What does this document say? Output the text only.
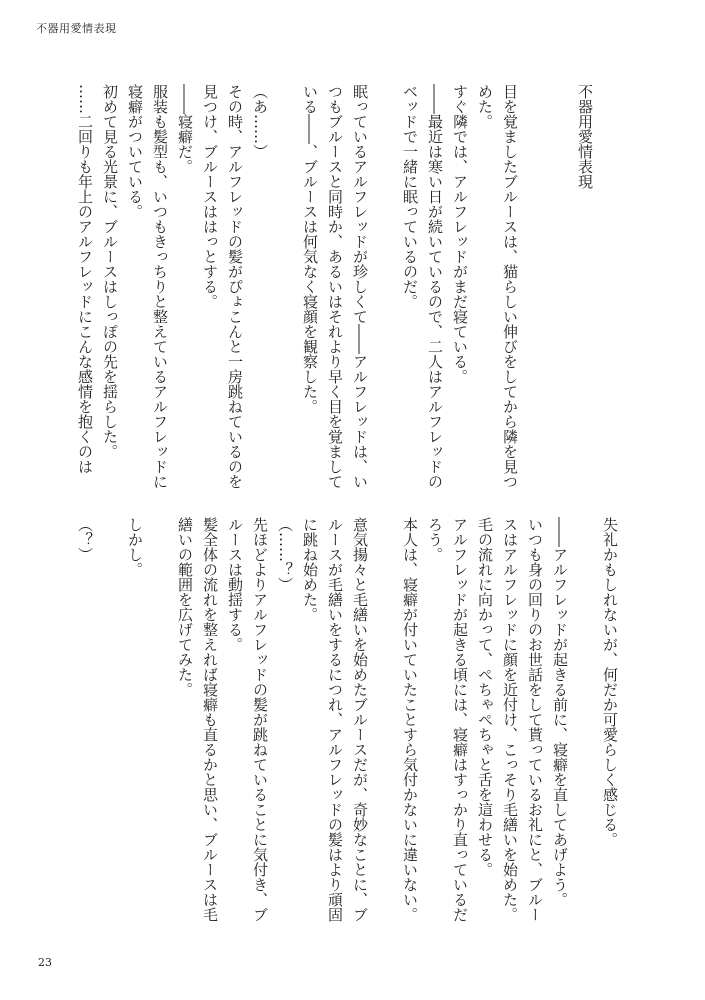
不器用愛情表現

不器用愛情表現

目を覚ましたブルースは、猫らしい伸びをしてから隣を見つめた。

すぐ隣では、アルフレッドがまだ寝ている。

――最近は寒い日が続いているので、二人はアルフレッドのベッドで一緒に眠っているのだ。

眠っているアルフレッドが珍しくて――アルフレッドは、いつもブルースと同時か、あるいはそれより早く目を覚ましている――、ブルースは何気なく寝顔を観察した。

（あ……）

その時、アルフレッドの髪がぴょこんと一房跳ねているのを見つけ、ブルースははっとする。

――寝癖だ。

服装も髪型も、いつもきっちりと整えているアルフレッドに寝癖がついている。

初めて見る光景に、ブルースはしっぽの先を揺らした。

……二回りも年上のアルフレッドにこんな感情を抱くのは

失礼かもしれないが、何だか可愛らしく感じる。

――アルフレッドが起きる前に、寝癖を直してあげよう。

いつも身の回りのお世話をして貰っているお礼にと、ブルースはアルフレッドに顔を近付け、こっそり毛繕いを始めた。

毛の流れに向かって、ぺちゃぺちゃと舌を這わせる。

アルフレッドが起きる頃には、寝癖はすっかり直っているだろう。

本人は、寝癖が付いていたことすら気付かないに違いない。

意気揚々と毛繕いを始めたブルースだが、奇妙なことに、ブルースが毛繕いをするにつれ、アルフレッドの髪はより頑固に跳ね始めた。

（……？）

先ほどよりアルフレッドの髪が跳ねていることに気付き、ブルースは動揺する。

髪全体の流れを整えれば寝癖も直るかと思い、ブルースは毛繕いの範囲を広げてみた。

しかし。

（？）

23
